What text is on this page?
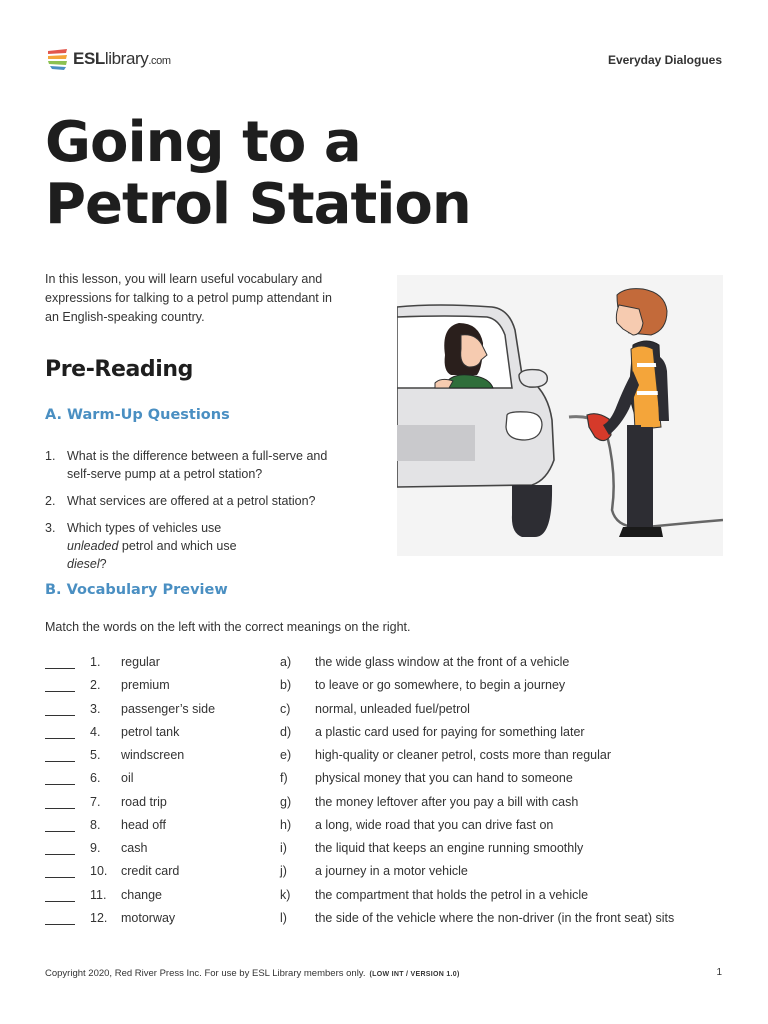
ESLlibrary.com	Everyday Dialogues
Going to a
Petrol Station
In this lesson, you will learn useful vocabulary and expressions for talking to a petrol pump attendant in an English-speaking country.
Pre-Reading
A. Warm-Up Questions
1. What is the difference between a full-serve and self-serve pump at a petrol station?
2. What services are offered at a petrol station?
3. Which types of vehicles use unleaded petrol and which use diesel?
B. Vocabulary Preview
Match the words on the left with the correct meanings on the right.
1. regular	a) the wide glass window at the front of a vehicle
2. premium	b) to leave or go somewhere, to begin a journey
3. passenger’s side	c) normal, unleaded fuel/petrol
4. petrol tank	d) a plastic card used for paying for something later
5. windscreen	e) high-quality or cleaner petrol, costs more than regular
6. oil	f) physical money that you can hand to someone
7. road trip	g) the money leftover after you pay a bill with cash
8. head off	h) a long, wide road that you can drive fast on
9. cash	i) the liquid that keeps an engine running smoothly
10. credit card	j) a journey in a motor vehicle
11. change	k) the compartment that holds the petrol in a vehicle
12. motorway	l) the side of the vehicle where the non-driver (in the front seat) sits
Copyright 2020, Red River Press Inc. For use by ESL Library members only. (LOW INT / VERSION 1.0)	1
